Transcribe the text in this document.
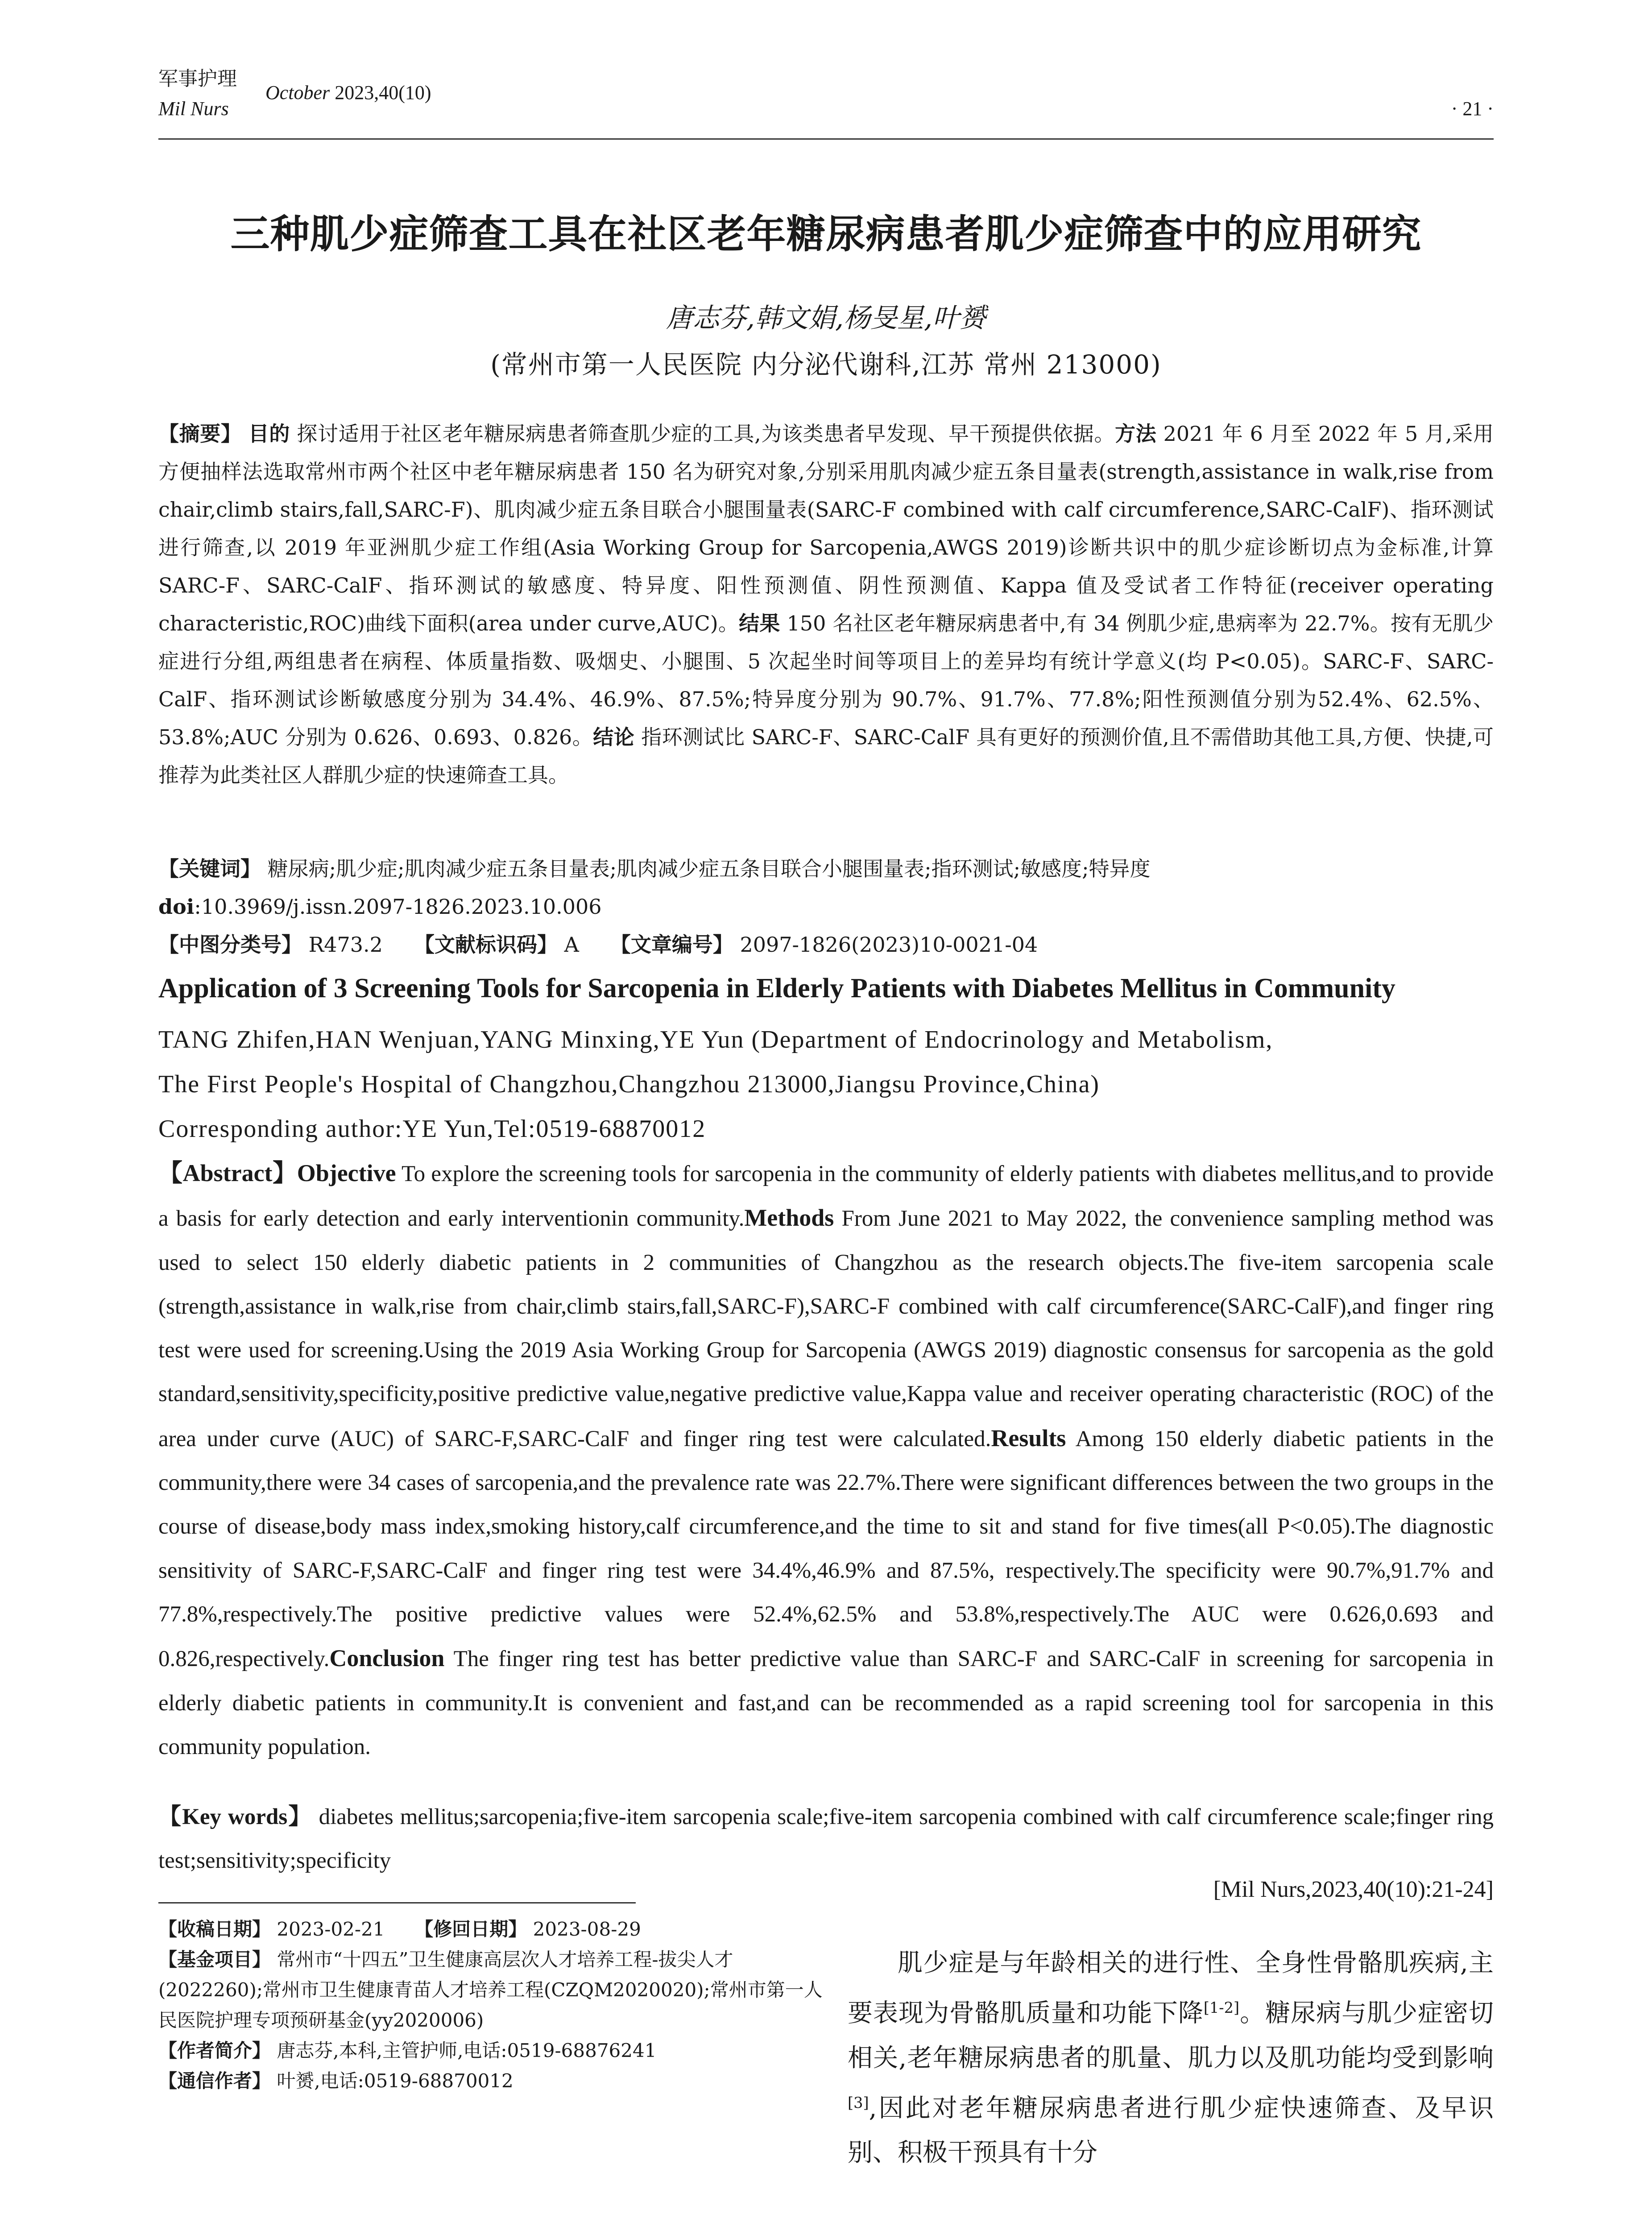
军事护理
Mil Nurs
October 2023,40(10)
· 21 ·
三种肌少症筛查工具在社区老年糖尿病患者肌少症筛查中的应用研究
唐志芬,韩文娟,杨旻星,叶赟
(常州市第一人民医院 内分泌代谢科,江苏 常州 213000)

【摘要】 目的 探讨适用于社区老年糖尿病患者筛查肌少症的工具,为该类患者早发现、早干预提供依据。方法 2021 年 6 月至 2022 年 5 月,采用方便抽样法选取常州市两个社区中老年糖尿病患者 150 名为研究对象,分别采用肌肉减少症五条目量表(strength,assistance in walk,rise from chair,climb stairs,fall,SARC-F)、肌肉减少症五条目联合小腿围量表(SARC-F combined with calf circumference,SARC-CalF)、指环测试进行筛查,以 2019 年亚洲肌少症工作组(Asia Working Group for Sarcopenia,AWGS 2019)诊断共识中的肌少症诊断切点为金标准,计算 SARC-F、SARC-CalF、指环测试的敏感度、特异度、阳性预测值、阴性预测值、Kappa 值及受试者工作特征(receiver operating characteristic,ROC)曲线下面积(area under curve,AUC)。结果 150 名社区老年糖尿病患者中,有 34 例肌少症,患病率为 22.7%。按有无肌少症进行分组,两组患者在病程、体质量指数、吸烟史、小腿围、5 次起坐时间等项目上的差异均有统计学意义(均 P<0.05)。SARC-F、SARC-CalF、指环测试诊断敏感度分别为 34.4%、46.9%、87.5%;特异度分别为 90.7%、91.7%、77.8%;阳性预测值分别为52.4%、62.5%、53.8%;AUC 分别为 0.626、0.693、0.826。结论 指环测试比 SARC-F、SARC-CalF 具有更好的预测价值,且不需借助其他工具,方便、快捷,可推荐为此类社区人群肌少症的快速筛查工具。

【关键词】 糖尿病;肌少症;肌肉减少症五条目量表;肌肉减少症五条目联合小腿围量表;指环测试;敏感度;特异度

doi:10.3969/j.issn.2097-1826.2023.10.006

【中图分类号】 R473.2 【文献标识码】 A 【文章编号】 2097-1826(2023)10-0021-04

Application of 3 Screening Tools for Sarcopenia in Elderly Patients with Diabetes Mellitus in Community
TANG Zhifen,HAN Wenjuan,YANG Minxing,YE Yun (Department of Endocrinology and Metabolism,
The First People's Hospital of Changzhou,Changzhou 213000,Jiangsu Province,China)
Corresponding author:YE Yun,Tel:0519-68870012

【Abstract】Objective To explore the screening tools for sarcopenia in the community of elderly patients with diabetes mellitus,and to provide a basis for early detection and early interventionin community.Methods From June 2021 to May 2022, the convenience sampling method was used to select 150 elderly diabetic patients in 2 communities of Changzhou as the research objects.The five-item sarcopenia scale (strength,assistance in walk,rise from chair,climb stairs,fall,SARC-F),SARC-F combined with calf circumference(SARC-CalF),and finger ring test were used for screening.Using the 2019 Asia Working Group for Sarcopenia (AWGS 2019) diagnostic consensus for sarcopenia as the gold standard,sensitivity,specificity,positive predictive value,negative predictive value,Kappa value and receiver operating characteristic (ROC) of the area under curve (AUC) of SARC-F,SARC-CalF and finger ring test were calculated.Results Among 150 elderly diabetic patients in the community,there were 34 cases of sarcopenia,and the prevalence rate was 22.7%.There were significant differences between the two groups in the course of disease,body mass index,smoking history,calf circumference,and the time to sit and stand for five times(all P<0.05).The diagnostic sensitivity of SARC-F,SARC-CalF and finger ring test were 34.4%,46.9% and 87.5%, respectively.The specificity were 90.7%,91.7% and 77.8%,respectively.The positive predictive values were 52.4%,62.5% and 53.8%,respectively.The AUC were 0.626,0.693 and 0.826,respectively.Conclusion The finger ring test has better predictive value than SARC-F and SARC-CalF in screening for sarcopenia in elderly diabetic patients in community.It is convenient and fast,and can be recommended as a rapid screening tool for sarcopenia in this community population.

【Key words】 diabetes mellitus;sarcopenia;five-item sarcopenia scale;five-item sarcopenia combined with calf circumference scale;finger ring test;sensitivity;specificity

[Mil Nurs,2023,40(10):21-24]
【收稿日期】 2023-02-21 【修回日期】 2023-08-29
【基金项目】 常州市“十四五”卫生健康高层次人才培养工程-拔尖人才(2022260);常州市卫生健康青苗人才培养工程(CZQM2020020);常州市第一人民医院护理专项预研基金(yy2020006)
【作者简介】 唐志芬,本科,主管护师,电话:0519-68876241
【通信作者】 叶赟,电话:0519-68870012

肌少症是与年龄相关的进行性、全身性骨骼肌疾病,主要表现为骨骼肌质量和功能下降[1-2]。糖尿病与肌少症密切相关,老年糖尿病患者的肌量、肌力以及肌功能均受到影响[3],因此对老年糖尿病患者进行肌少症快速筛查、及早识别、积极干预具有十分
